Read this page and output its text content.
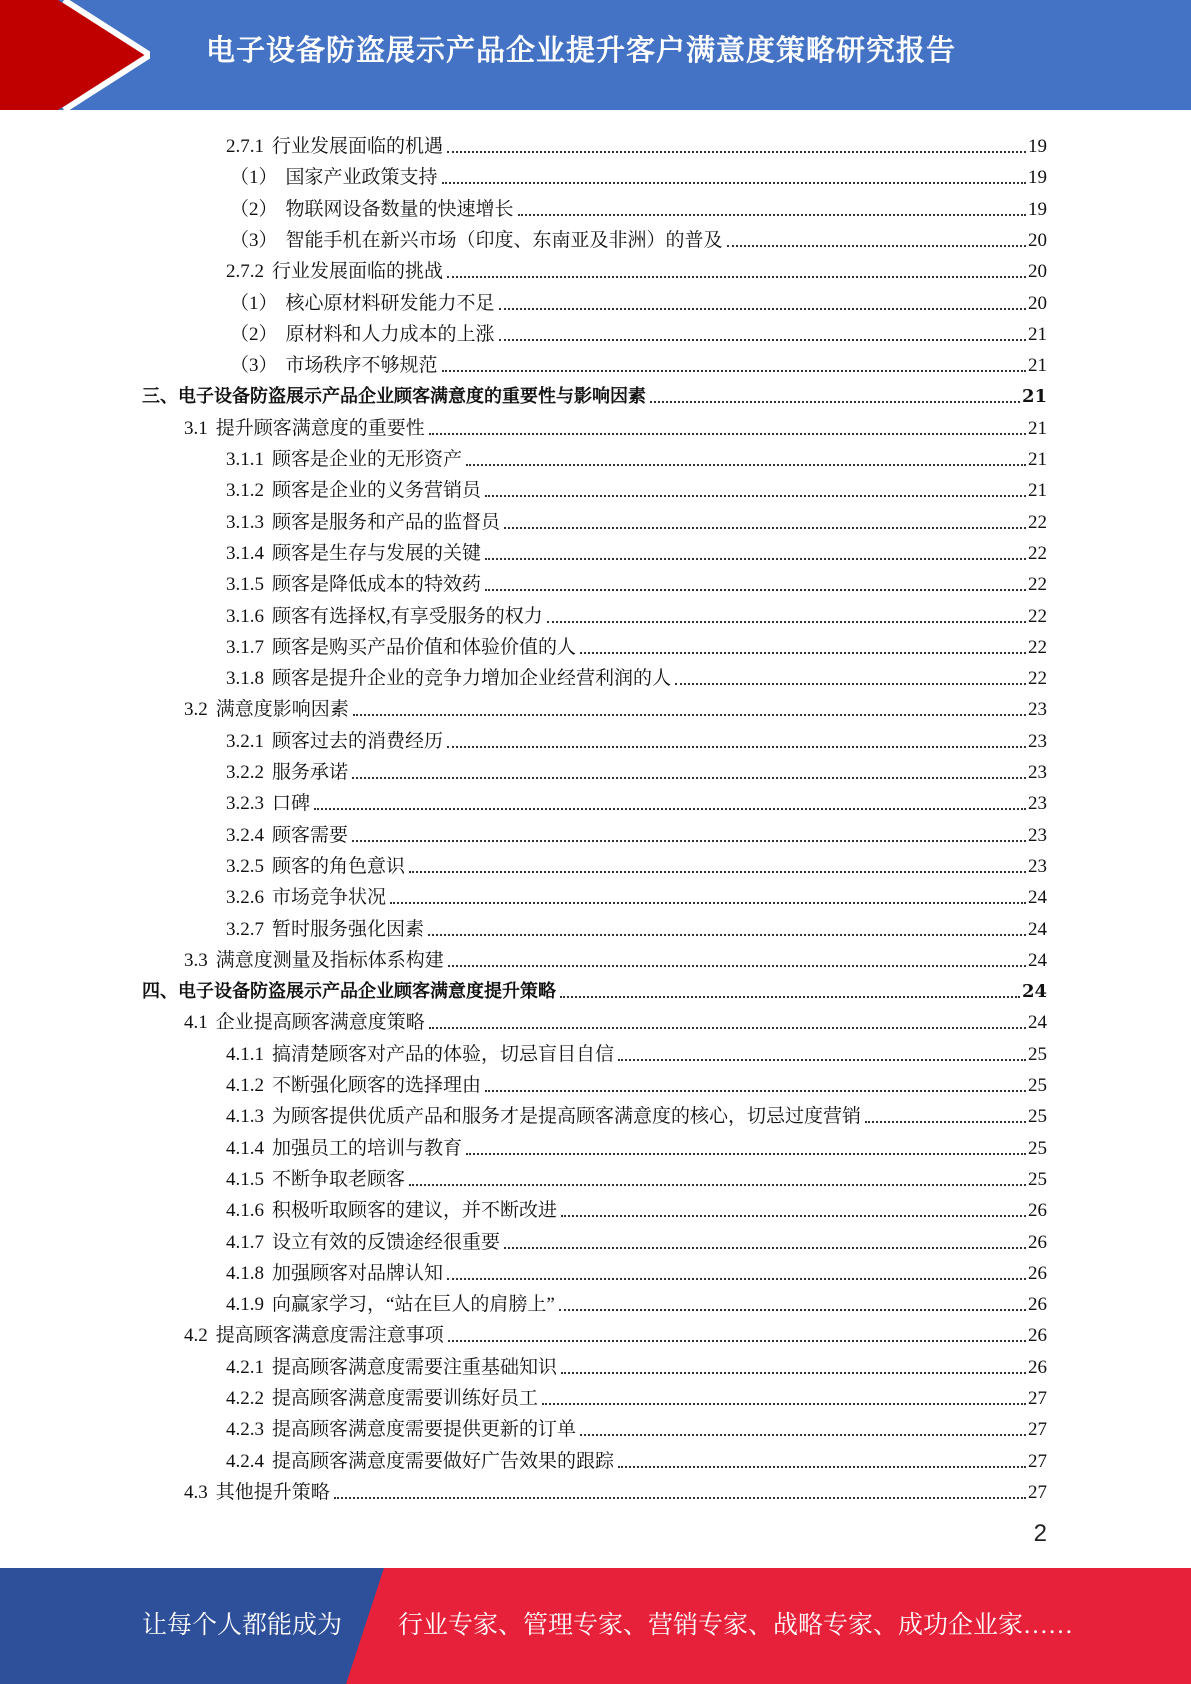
电子设备防盗展示产品企业提升客户满意度策略研究报告
2.7.1 行业发展面临的机遇	19
（1） 国家产业政策支持	19
（2） 物联网设备数量的快速增长	19
（3） 智能手机在新兴市场（印度、东南亚及非洲）的普及	20
2.7.2 行业发展面临的挑战	20
（1） 核心原材料研发能力不足	20
（2） 原材料和人力成本的上涨	21
（3） 市场秩序不够规范	21
三、 电子设备防盗展示产品企业顾客满意度的重要性与影响因素	21
3.1 提升顾客满意度的重要性	21
3.1.1 顾客是企业的无形资产	21
3.1.2 顾客是企业的义务营销员	21
3.1.3 顾客是服务和产品的监督员	22
3.1.4 顾客是生存与发展的关键	22
3.1.5 顾客是降低成本的特效药	22
3.1.6 顾客有选择权,有享受服务的权力	22
3.1.7 顾客是购买产品价值和体验价值的人	22
3.1.8 顾客是提升企业的竞争力增加企业经营利润的人	22
3.2 满意度影响因素	23
3.2.1 顾客过去的消费经历	23
3.2.2 服务承诺	23
3.2.3 口碑	23
3.2.4 顾客需要	23
3.2.5 顾客的角色意识	23
3.2.6 市场竞争状况	24
3.2.7 暂时服务强化因素	24
3.3 满意度测量及指标体系构建	24
四、 电子设备防盗展示产品企业顾客满意度提升策略	24
4.1 企业提高顾客满意度策略	24
4.1.1 搞清楚顾客对产品的体验，切忌盲目自信	25
4.1.2 不断强化顾客的选择理由	25
4.1.3 为顾客提供优质产品和服务才是提高顾客满意度的核心，切忌过度营销	25
4.1.4 加强员工的培训与教育	25
4.1.5 不断争取老顾客	25
4.1.6 积极听取顾客的建议，并不断改进	26
4.1.7 设立有效的反馈途经很重要	26
4.1.8 加强顾客对品牌认知	26
4.1.9 向赢家学习，“站在巨人的肩膀上”	26
4.2 提高顾客满意度需注意事项	26
4.2.1 提高顾客满意度需要注重基础知识	26
4.2.2 提高顾客满意度需要训练好员工	27
4.2.3 提高顾客满意度需要提供更新的订单	27
4.2.4 提高顾客满意度需要做好广告效果的跟踪	27
4.3 其他提升策略	27
2
让每个人都能成为 行业专家、管理专家、营销专家、战略专家、成功企业家……
